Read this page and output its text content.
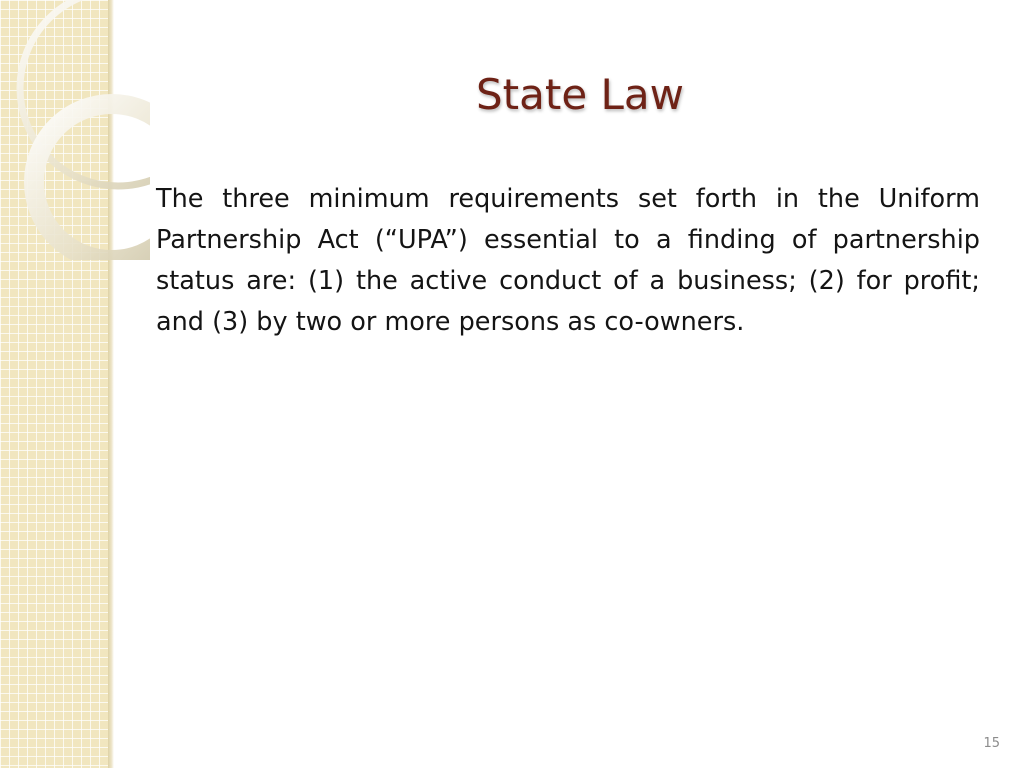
State Law

The three minimum requirements set forth in the Uniform Partnership Act (“UPA”) essential to a finding of partnership status are: (1) the active conduct of a business; (2) for profit; and (3) by two or more persons as co-owners.

15
